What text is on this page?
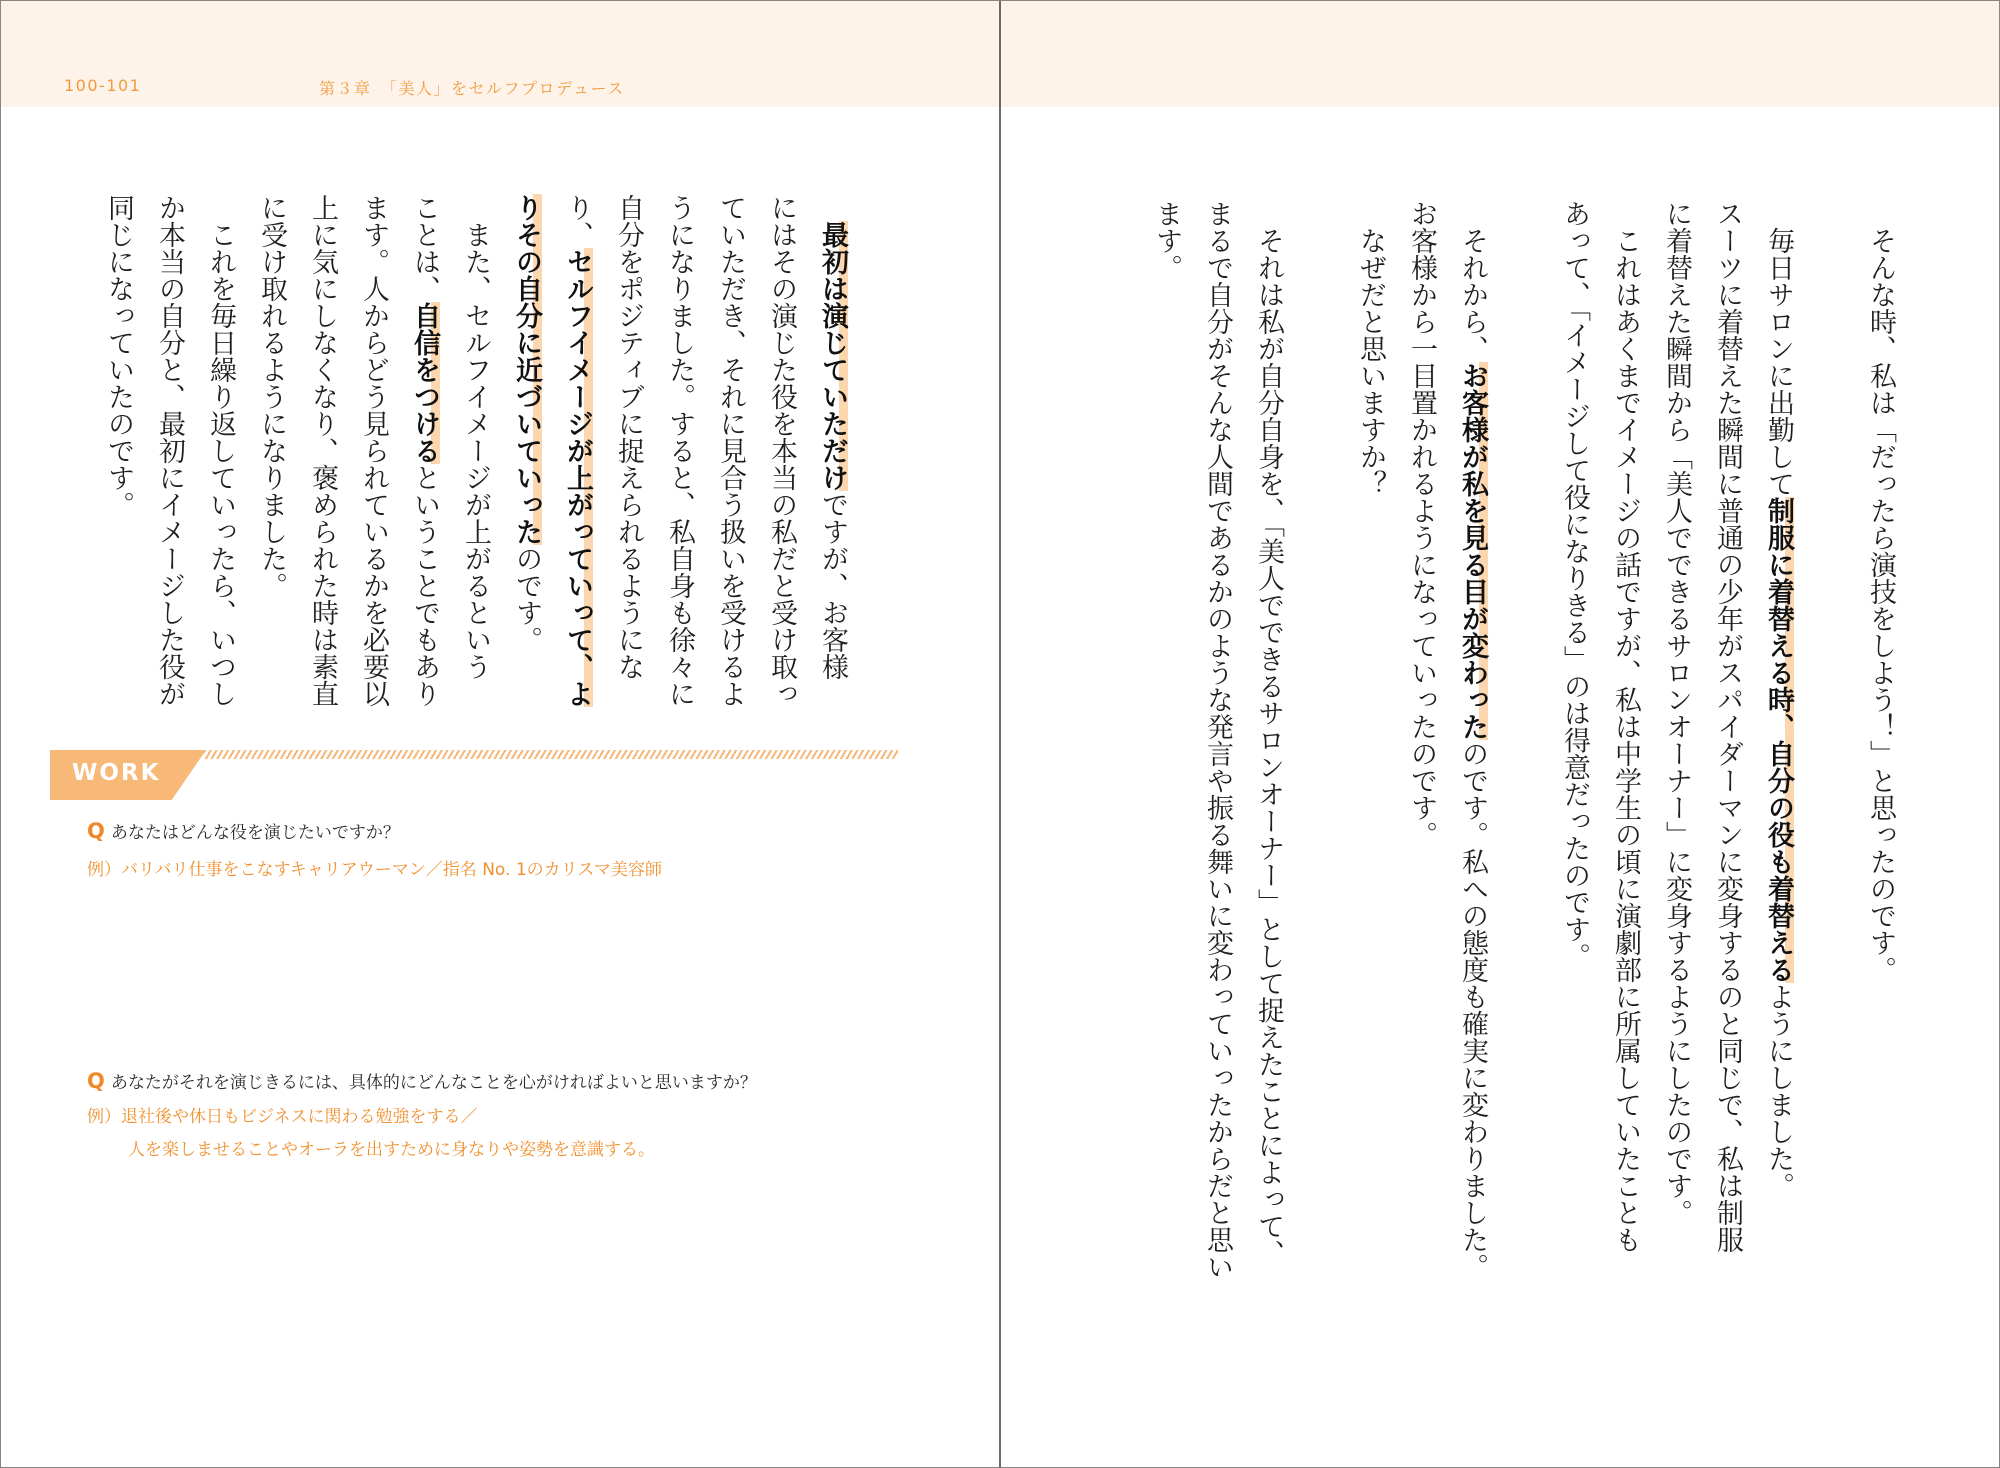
100-101	第３章　「美人」をセルフプロデュース
最初は演じていただけですが、お客様
にはその演じた役を本当の私だと受け取っ
ていただき、それに見合う扱いを受けるよ
うになりました。すると、私自身も徐々に
自分をポジティブに捉えられるようにな
り、セルフイメージが上がっていって、よ
りその自分に近づいていったのです。
また、セルフイメージが上がるという
ことは、自信をつけるということでもあり
ます。人からどう見られているかを必要以
上に気にしなくなり、褒められた時は素直
に受け取れるようになりました。
これを毎日繰り返していったら、いつし
か本当の自分と、最初にイメージした役が
同じになっていたのです。	そんな時、私は「だったら演技をしよう！」と思ったのです。
毎日サロンに出勤して制服に着替える時、自分の役も着替えるようにしました。
スーツに着替えた瞬間に普通の少年がスパイダーマンに変身するのと同じで、私は制服
に着替えた瞬間から「美人でできるサロンオーナー」に変身するようにしたのです。
これはあくまでイメージの話ですが、私は中学生の頃に演劇部に所属していたことも
あって、「イメージして役になりきる」のは得意だったのです。
それから、お客様が私を見る目が変わったのです。私への態度も確実に変わりました。
お客様から一目置かれるようになっていったのです。
なぜだと思いますか？
それは私が自分自身を、「美人でできるサロンオーナー」として捉えたことによって、
まるで自分がそんな人間であるかのような発言や振る舞いに変わっていったからだと思い
ます。
WORK
Q あなたはどんな役を演じたいですか？
例）バリバリ仕事をこなすキャリアウーマン／指名 No. 1のカリスマ美容師
Q あなたがそれを演じきるには、具体的にどんなことを心がければよいと思いますか？
例）退社後や休日もビジネスに関わる勉強をする／
人を楽しませることやオーラを出すために身なりや姿勢を意識する。
